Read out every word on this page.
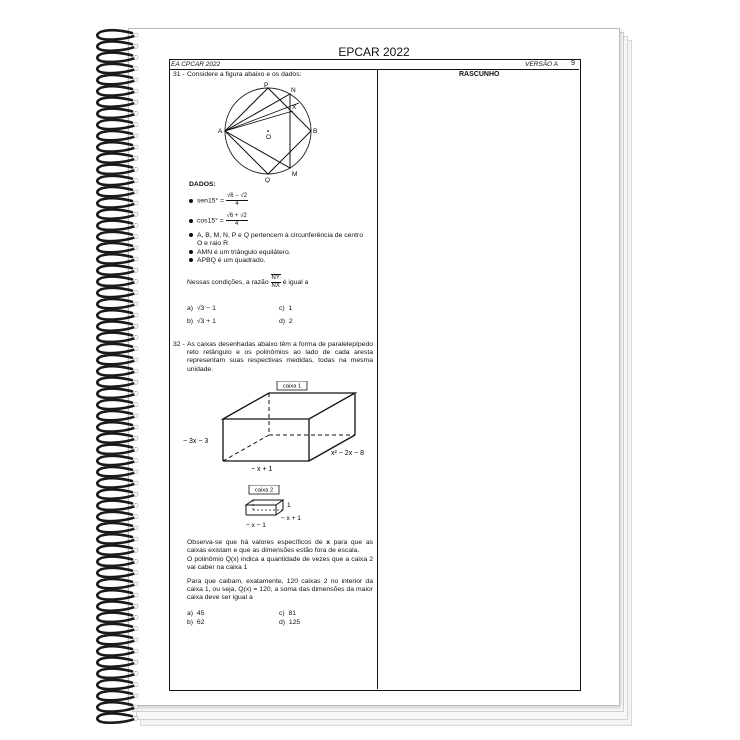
EPCAR 2022
EA CPCAR 2022	VERSÃO A 9
RASCUNHO
31 - Considere a figura abaixo e os dados:
P
N
X
A
O
B
Q
M
DADOS:
$sen15^\circ = \frac{√6 - √2}{4}$
$\cos 15^\circ = \frac{√6 + √2}{4}$
A, B, M, N, P e Q pertencem à circunferência de centro
O e raio R
AMN é um triângulo equilátero.
APBQ é um quadrado.
Nessas condições, a razão $\frac{NY}{NX}$ é igual a
a) √3 − 1
b) √3 + 1
c) 1
d) 2
32 - As caixas desenhadas abaixo têm a forma de paralelepípedo reto retângulo e os polinômios ao lado de cada aresta representam suas respectivas medidas, todas na mesma unidade.
caixa 1
− 3x − 3
− x + 1
x² − 2x − 8
caixa 2
1
− x + 1
− x − 1
Observa-se que há valores específicos de x para que as caixas existam e que as dimensões estão fora de escala.
O polinômio Q(x) indica a quantidade de vezes que a caixa 2 vai caber na caixa 1
Para que caibam, exatamente, 120 caixas 2 no interior da caixa 1, ou seja, Q(x) = 120, a soma das dimensões da maior caixa deve ser igual a
a) 45
b) 62
c) 81
d) 125
